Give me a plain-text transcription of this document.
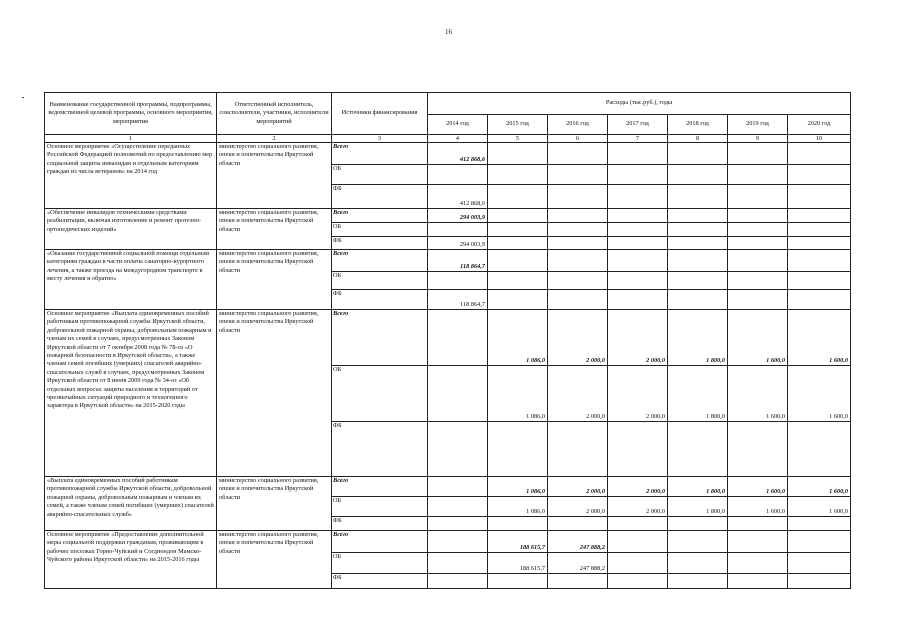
16
Наименование государственной программы, подпрограммы, ведомственной целевой программы, основного мероприятия, мероприятия	Ответственный исполнитель, соисполнители, участники, исполнители мероприятий	Источники финансирования	Расходы (тыс.руб.), годы						
			2014 год	2015 год	2016 год	2017 год	2018 год	2019 год	2020 год
1	2	3	4	5	6	7	8	9	10
Основное мероприятие «Осуществление переданных Российской Федерацией полномочий по предоставлению мер социальной защиты инвалидам и отдельным категориям граждан из числа ветеранов» на 2014 год	министерство социального развития, опеки и попечительства Иркутской области	Всего	412 868,6						
		ОБ							
		ФБ	412 868,6						
«Обеспечение инвалидов техническими средствами реабилитации, включая изготовление и ремонт протезно-ортопедических изделий»	министерство социального развития, опеки и попечительства Иркутской области	Всего	294 003,9						
		ОБ							
		ФБ	294 003,9						
«Оказание государственной социальной помощи отдельным категориям граждан в части оплаты санаторно-курортного лечения, а также проезда на междугородном транспорте к месту лечения и обратно»	министерство социального развития, опеки и попечительства Иркутской области	Всего	118 864,7						
		ОБ							
		ФБ	118 864,7						
Основное мероприятие «Выплата единовременных пособий работникам противопожарной службы Иркутской области, добровольной пожарной охраны, добровольным пожарным и членам их семей в случаях, предусмотренных Законом Иркутской области от 7 октября 2008 года № 78-оз «О пожарной безопасности в Иркутской области», а также членам семей погибших (умерших) спасателей аварийно-спасательных служб в случаях, предусмотренных Законом Иркутской области от 8 июня 2009 года № 34-оз «Об отдельных вопросах защиты населения и территорий от чрезвычайных ситуаций природного и техногенного характера в Иркутской области» на 2015-2020 годы	министерство социального развития, опеки и попечительства Иркутской области	Всего		1 086,0	2 000,0	2 000,0	1 800,0	1 600,0	1 600,0
		ОБ		1 086,0	2 000,0	2 000,0	1 800,0	1 600,0	1 600,0
		ФБ							
«Выплата единовременных пособий работникам противопожарной службы Иркутской области, добровольной пожарной охраны, добровольным пожарным и членам их семей, а также членам семей погибших (умерших) спасателей аварийно-спасательных служб»	министерство социального развития, опеки и попечительства Иркутской области	Всего		1 086,0	2 000,0	2 000,0	1 800,0	1 600,0	1 600,0
		ОБ		1 086,0	2 000,0	2 000,0	1 800,0	1 600,0	1 600,0
		ФБ							
Основное мероприятие «Предоставление дополнительной меры социальной поддержки гражданам, проживающим в рабочих поселках Горно-Чуйский и Согдиондон Мамско-Чуйского района Иркутской области» на 2015-2016 годы	министерство социального развития, опеки и попечительства Иркутской области	Всего		188 615,7	247 888,2				
		ОБ		188 615,7	247 888,2				
		ФБ							
